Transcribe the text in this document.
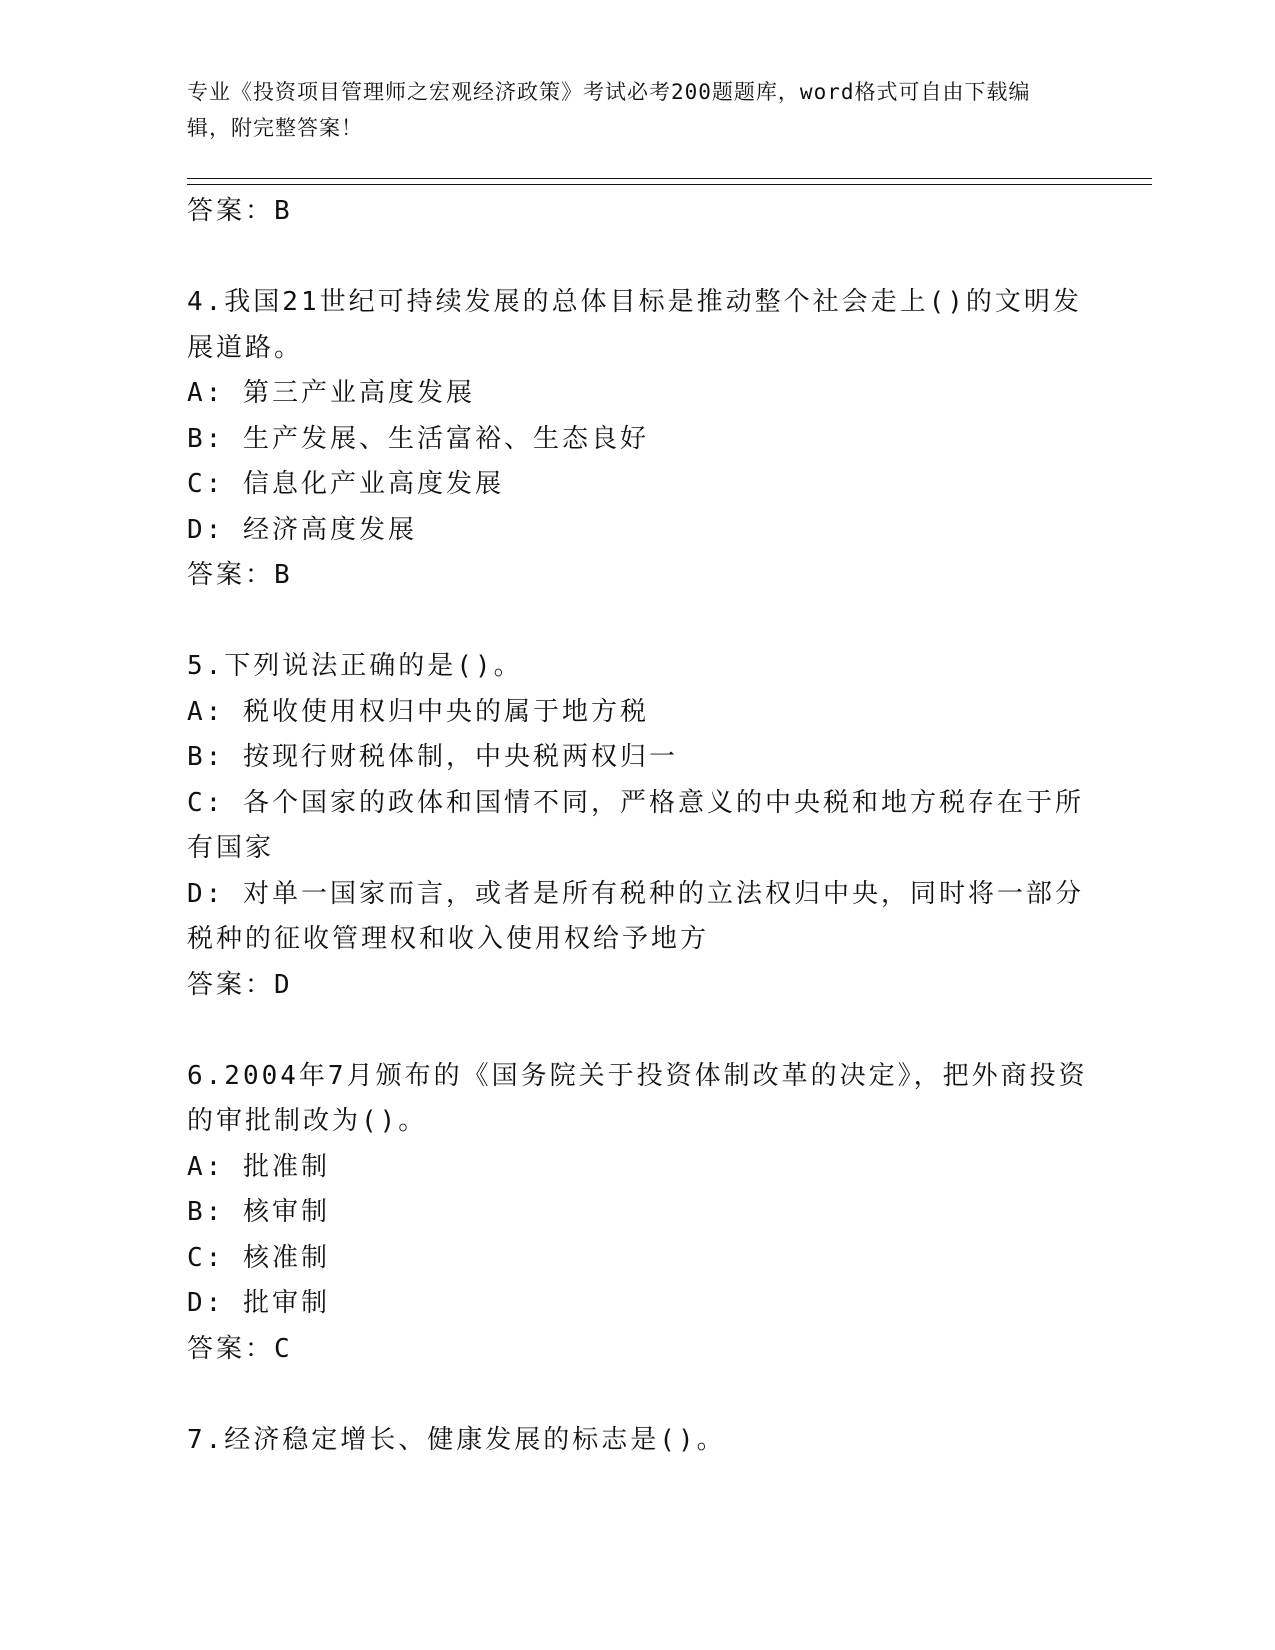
专业《投资项目管理师之宏观经济政策》考试必考200题题库，word格式可自由下载编辑，附完整答案！
答案：B
4.我国21世纪可持续发展的总体目标是推动整个社会走上()的文明发展道路。
A: 第三产业高度发展
B: 生产发展、生活富裕、生态良好
C: 信息化产业高度发展
D: 经济高度发展
答案：B
5.下列说法正确的是()。
A: 税收使用权归中央的属于地方税
B: 按现行财税体制，中央税两权归一
C: 各个国家的政体和国情不同，严格意义的中央税和地方税存在于所有国家
D: 对单一国家而言，或者是所有税种的立法权归中央，同时将一部分税种的征收管理权和收入使用权给予地方
答案：D
6.2004年7月颁布的《国务院关于投资体制改革的决定》，把外商投资的审批制改为()。
A: 批准制
B: 核审制
C: 核准制
D: 批审制
答案：C
7.经济稳定增长、健康发展的标志是()。
